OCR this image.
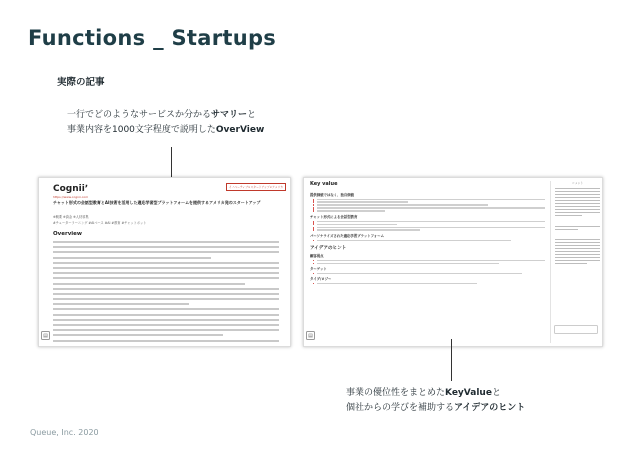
Functions _ Startups
実際の記事
一行でどのようなサービスか分かるサマリーと
事業内容を1000文字程度で説明したOverView
Cogniiʼ
https://www.cognii.com
イノベーティブ×スタートアップ×アメリカ
チャット形式の会話型教育とAI技術を活用した適応学習型プラットフォームを提供するアメリカ発のスタートアップ
※概要 ※資金 ※人材募集
#チューターラーニング #AIベース #AI #教育 #チャットボット
Overview
▤
Key value
提供価値ではなく、独自価値
チャット形式による会話型教育
パーソナライズされた適応学習プラットフォーム
アイデアのヒント
顧客視点
ターゲット
タイプ/ロジー
コメント
▤
事業の優位性をまとめたKeyValueと
個社からの学びを補助するアイデアのヒント
Queue, Inc. 2020
